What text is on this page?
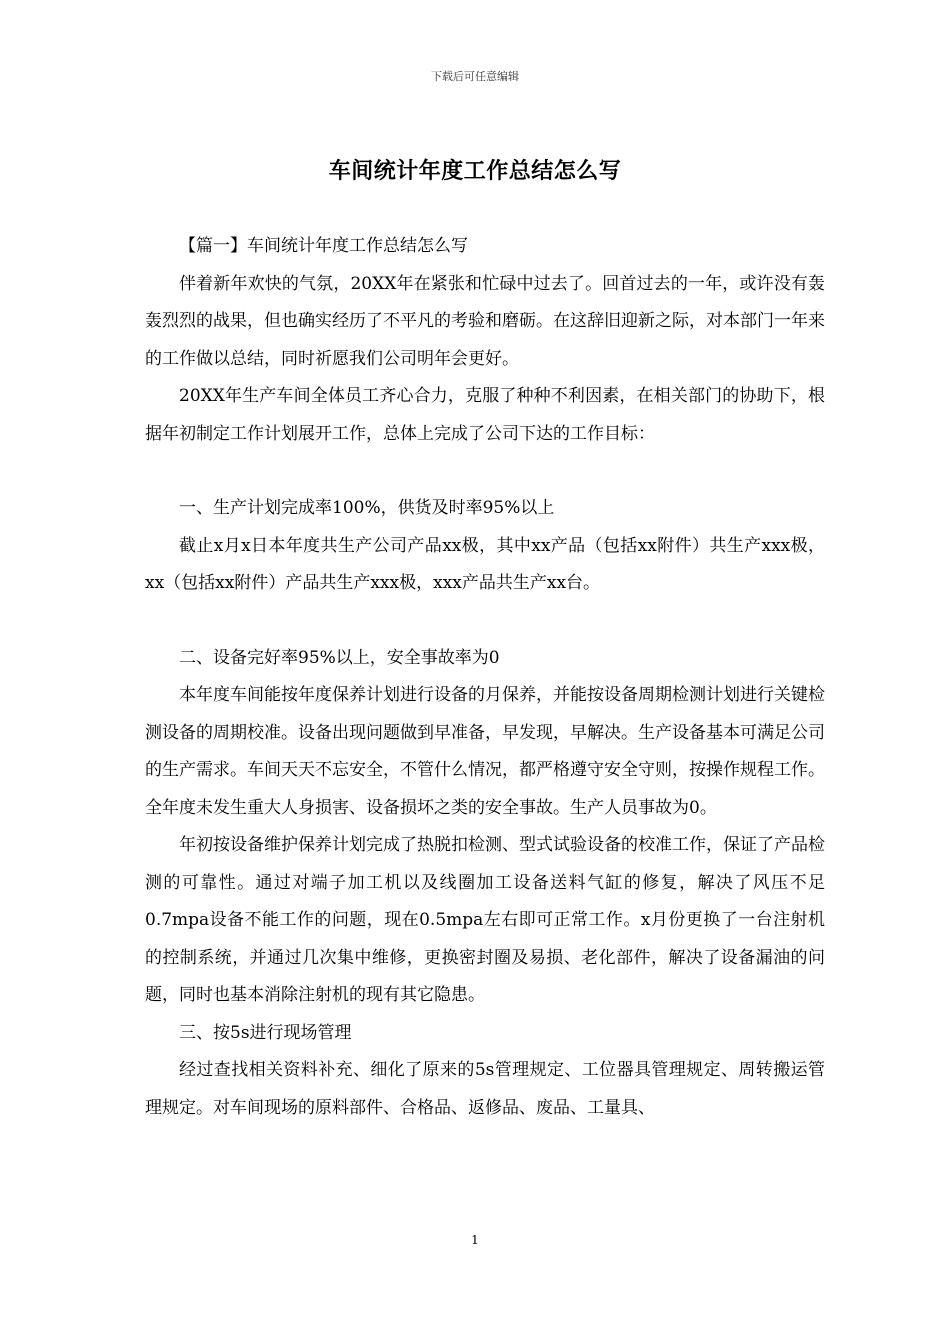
下载后可任意编辑
车间统计年度工作总结怎么写

【篇一】车间统计年度工作总结怎么写

伴着新年欢快的气氛，20XX年在紧张和忙碌中过去了。回首过去的一年，或许没有轰轰烈烈的战果，但也确实经历了不平凡的考验和磨砺。在这辞旧迎新之际，对本部门一年来的工作做以总结，同时祈愿我们公司明年会更好。

20XX年生产车间全体员工齐心合力，克服了种种不利因素，在相关部门的协助下，根据年初制定工作计划展开工作，总体上完成了公司下达的工作目标：

一、生产计划完成率100%，供货及时率95%以上

截止x月x日本年度共生产公司产品xx极，其中xx产品（包括xx附件）共生产xxx极，xx（包括xx附件）产品共生产xxx极，xxx产品共生产xx台。

二、设备完好率95%以上，安全事故率为0

本年度车间能按年度保养计划进行设备的月保养，并能按设备周期检测计划进行关键检测设备的周期校准。设备出现问题做到早准备，早发现，早解决。生产设备基本可满足公司的生产需求。车间天天不忘安全，不管什么情况，都严格遵守安全守则，按操作规程工作。全年度未发生重大人身损害、设备损坏之类的安全事故。生产人员事故为0。

年初按设备维护保养计划完成了热脱扣检测、型式试验设备的校准工作，保证了产品检测的可靠性。通过对端子加工机以及线圈加工设备送料气缸的修复，解决了风压不足0.7mpa设备不能工作的问题，现在0.5mpa左右即可正常工作。x月份更换了一台注射机的控制系统，并通过几次集中维修，更换密封圈及易损、老化部件，解决了设备漏油的问题，同时也基本消除注射机的现有其它隐患。

三、按5s进行现场管理

经过查找相关资料补充、细化了原来的5s管理规定、工位器具管理规定、周转搬运管理规定。对车间现场的原料部件、合格品、返修品、废品、工量具、

1
